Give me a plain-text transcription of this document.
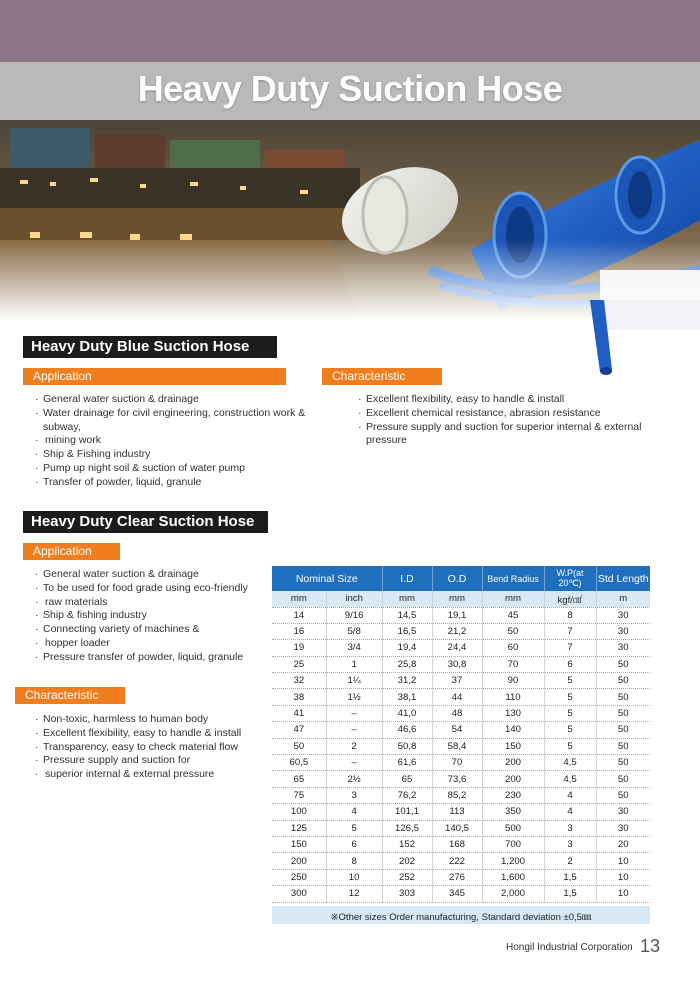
Heavy Duty Suction Hose
Heavy Duty Blue Suction Hose
Application
· General water suction & drainage
· Water drainage for civil engineering, construction work & subway,
· mining work
· Ship & Fishing industry
· Pump up night soil & suction of water pump
· Transfer of powder, liquid, granule
Characteristic
· Excellent flexibility, easy to handle & install
· Excellent chemical resistance, abrasion resistance
· Pressure supply and suction for superior internal & external pressure
Heavy Duty Clear Suction Hose
Application
· General water suction & drainage
· To be used for food grade using eco-friendly
· raw materials
· Ship & fishing industry
· Connecting variety of machines &
· hopper loader
· Pressure transfer of powder, liquid, granule
Characteristic
· Non-toxic, harmless to human body
· Excellent flexibility, easy to handle & install
· Transparency, easy to check material flow
· Pressure supply and suction for
· superior internal & external pressure
Nominal Size		I.D	O.D	Bend Radius	W.P(at 20℃)	Std Length
mm	inch	mm	mm	mm	kgf/㎠	m
14	9/16	14,5	19,1	45	8	30
16	5/8	16,5	21,2	50	7	30
19	3/4	19,4	24,4	60	7	30
25	1	25,8	30,8	70	6	50
32	1¼	31,2	37	90	5	50
38	1½	38,1	44	110	5	50
41	–	41,0	48	130	5	50
47	–	46,6	54	140	5	50
50	2	50,8	58,4	150	5	50
60,5	–	61,6	70	200	4,5	50
65	2½	65	73,6	200	4,5	50
75	3	76,2	85,2	230	4	50
100	4	101,1	113	350	4	30
125	5	126,5	140,5	500	3	30
150	6	152	168	700	3	20
200	8	202	222	1,200	2	10
250	10	252	276	1,600	1,5	10
300	12	303	345	2,000	1,5	10
※Other sizes Order manufacturing, Standard deviation ±0,5㎜
Hongil Industrial Corporation 13
